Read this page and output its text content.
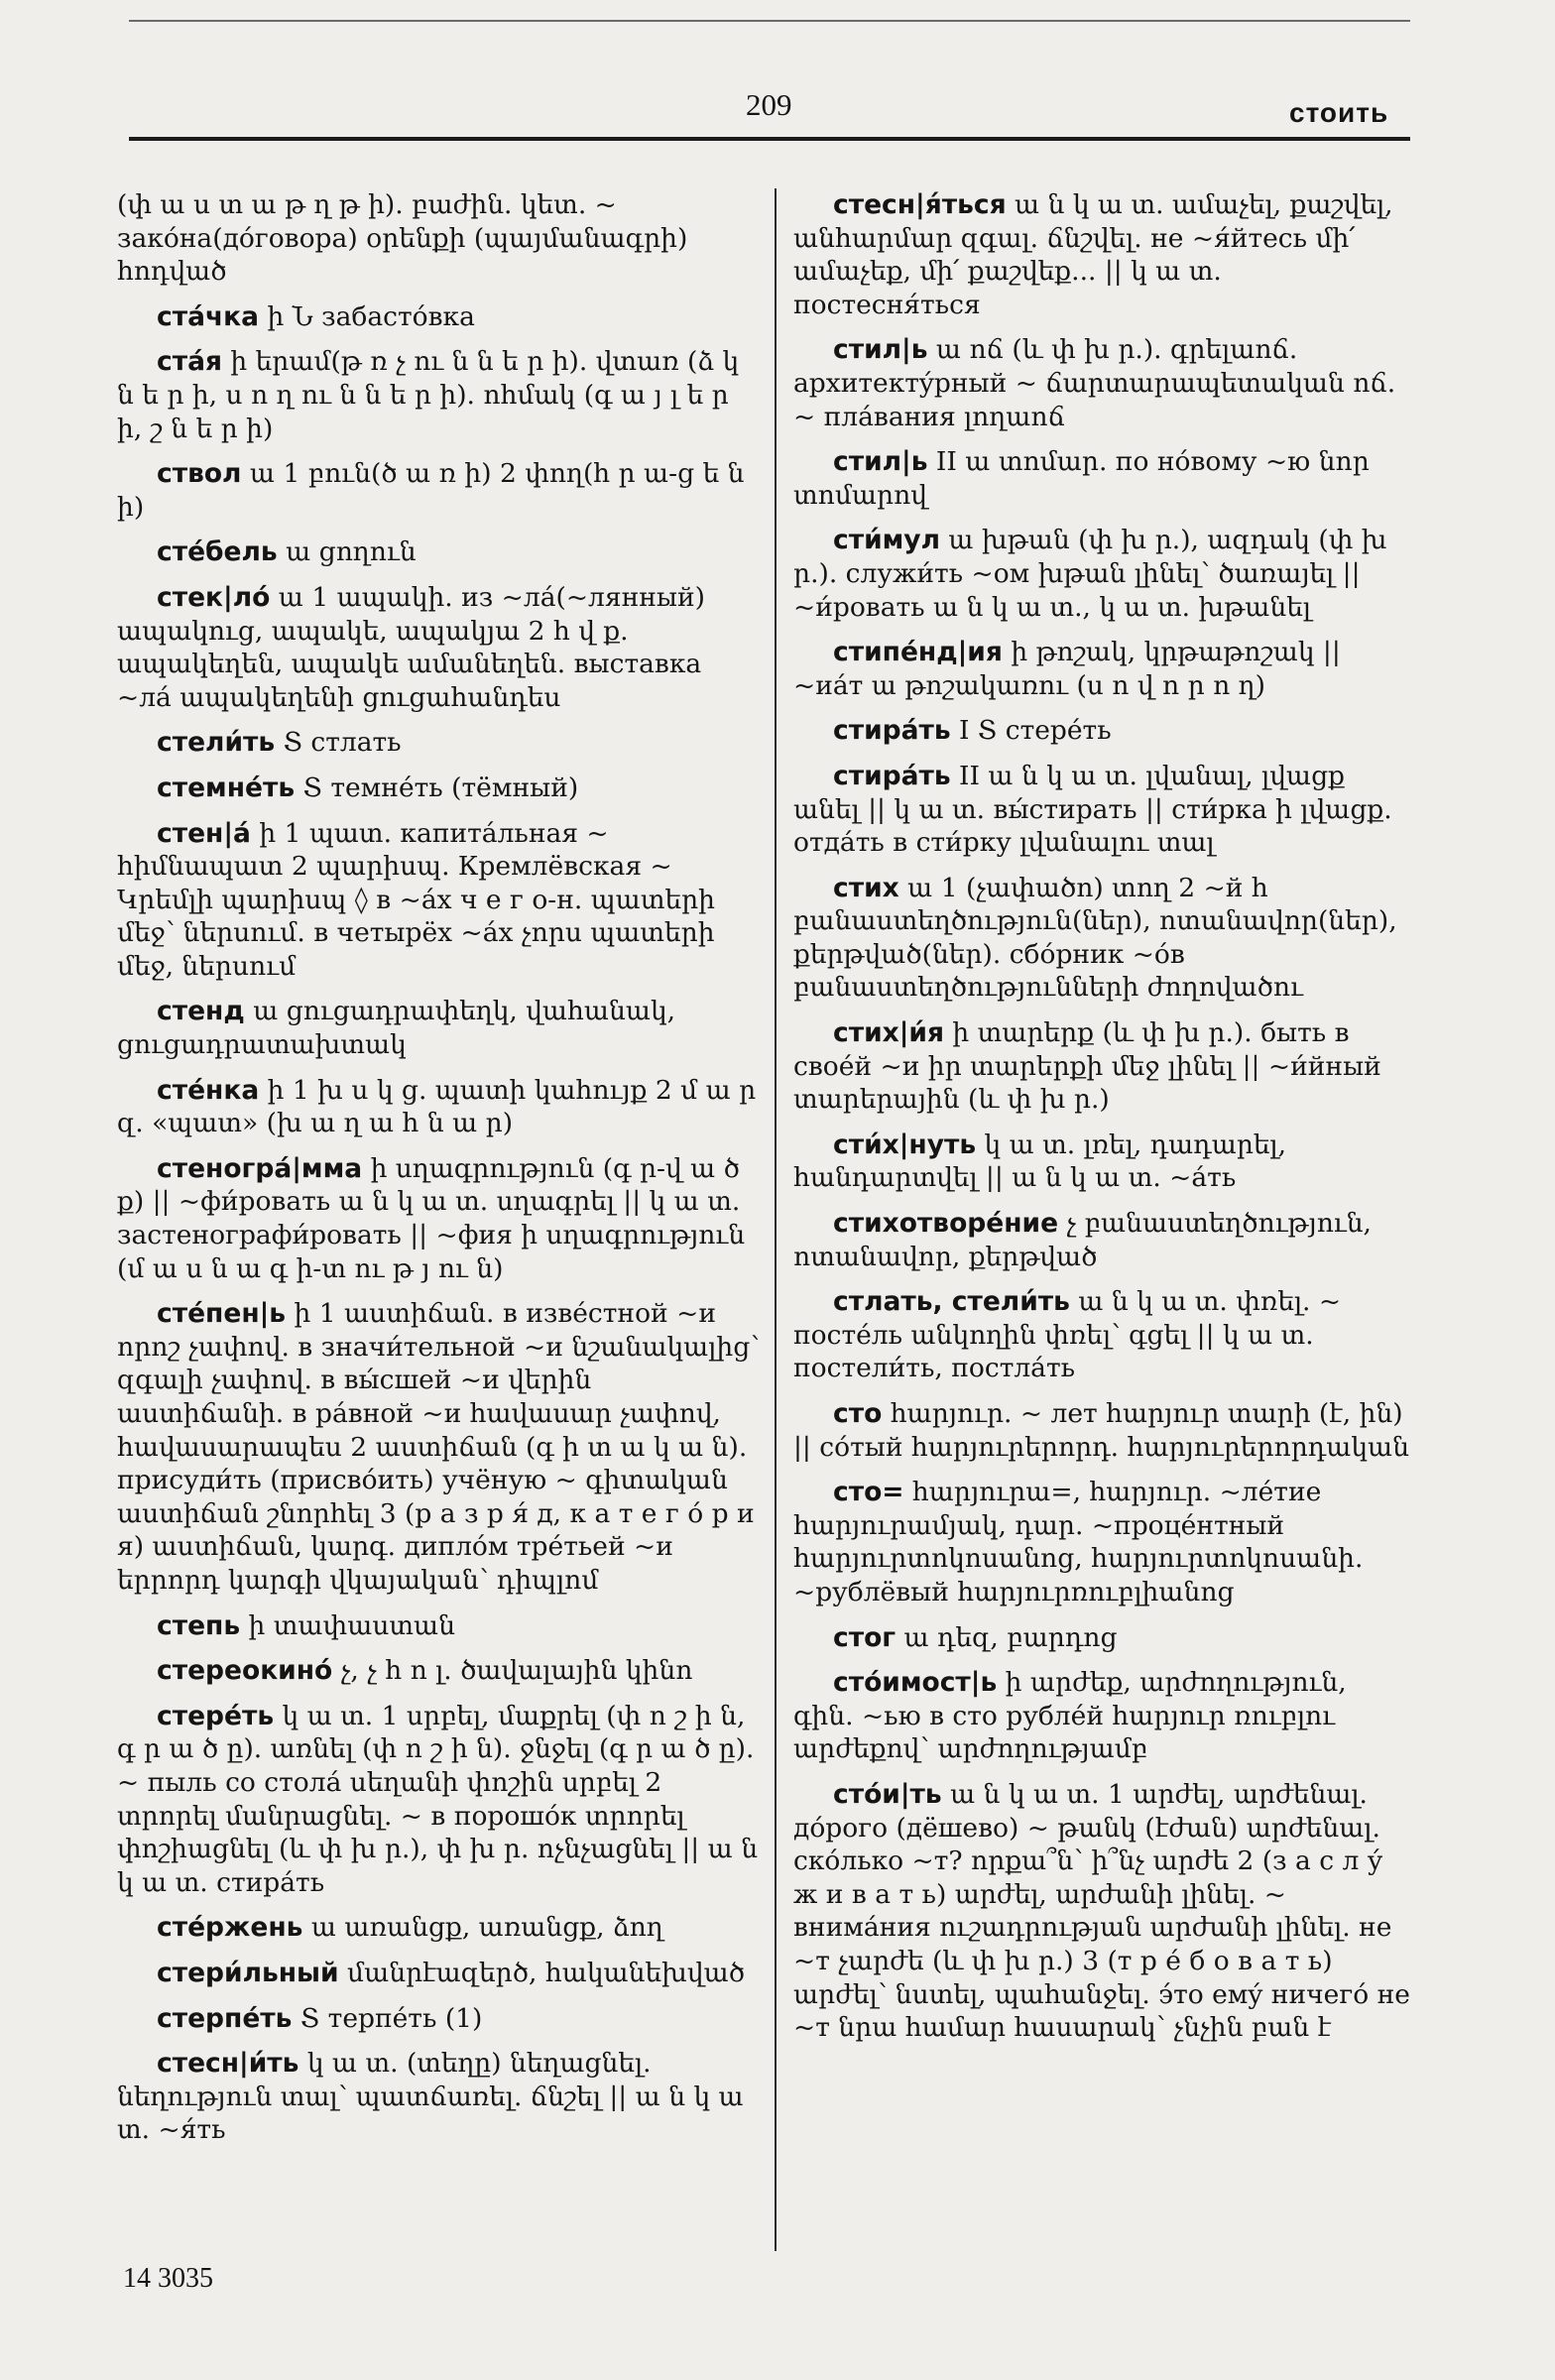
209	стоить

(փ ա ս տ ա թ ղ թ ի). բաժին. կետ. ~ закóна(дóговора) օրենքի (պայմանագրի) հոդված

стáчка ի Ն забастóвка

стáя ի երամ(թ ռ չ ու ն ն ե ր ի). վտառ (ձ կ ն ե ր ի, ս ո ղ ու ն ն ե ր ի). ոհմակ (գ ա յ լ ե ր ի, շ ն ե ր ի)

ствол ա 1 բուն(ծ ա ռ ի) 2 փող(հ ր ա-ց ե ն ի)

стéбель ա ցողուն

стек|лó ա 1 ապակի. из ~лá(~лянный) ապակուց, ապակե, ապակյա 2 հ վ ք. ապակեղեն, ապակե ամանեղեն. выставка ~лá ապակեղենի ցուցահանդես

стели́ть Տ стлать

стемнéть Տ темнéть (тёмный)

стен|á ի 1 պատ. капитáльная ~ հիմնապատ 2 պարիսպ. Кремлёвская ~ Կրեմլի պարիսպ ◊ в ~áх ч е г о-н. պատերի մեջ՝ ներսում. в четырёх ~áх չորս պատերի մեջ, ներսում

стенд ա ցուցադրափեղկ, վահանակ, ցուցադրատախտակ

стéнка ի 1 խ ս կ ց. պատի կահույք 2 մ ա ր զ. «պատ» (խ ա ղ ա հ ն ա ր)

стеногрá|мма ի սղագրություն (գ ր-վ ա ծ ք) || ~фи́ровать ա ն կ ա տ. սղագրել || կ ա տ. застенографи́ровать || ~фия ի սղագրություն (մ ա ս ն ա գ ի-տ ու թ յ ու ն)

стéпен|ь ի 1 աստիճան. в извéстной ~и որոշ չափով. в значи́тельной ~и նշանակալից՝ զգալի չափով. в вы́сшей ~и վերին աստիճանի. в рáвной ~и հավասար չափով, հավասարապես 2 աստիճան (գ ի տ ա կ ա ն). присуди́ть (присвóить) учёную ~ գիտական աստիճան շնորհել 3 (р а з р я́ д, к а т е г о́ р и я) աստիճան, կարգ. диплóм трéтьей ~и երրորդ կարգի վկայական՝ դիպլոմ

степь ի տափաստան

стереокинó չ, չ հ ո լ. ծավալային կինո

стерéть կ ա տ. 1 սրբել, մաքրել (փ ո շ ի ն, գ ր ա ծ ը). առնել (փ ո շ ի ն). ջնջել (գ ր ա ծ ը). ~ пыль со столá սեղանի փոշին սրբել 2 տրորել մանրացնել. ~ в порошóк տրորել փոշիացնել (և փ խ ր.), փ խ ր. ոչնչացնել || ա ն կ ա տ. стирáть

стéржень ա առանցք, առանցք, ձող

стери́льный մանրէազերծ, հականեխված

стерпéть Տ терпéть (1)

стесн|и́ть կ ա տ. (տեղը) նեղացնել. նեղություն տալ՝ պատճառել. ճնշել || ա ն կ ա տ. ~я́ть

стесн|я́ться ա ն կ ա տ. ամաչել, քաշվել, անհարմար զգալ. ճնշվել. не ~я́йтесь մի՛ ամաչեք, մի՛ քաշվեք... || կ ա տ. постесня́ться

стил|ь ա ոճ (և փ խ ր.). գրելաոճ. архитектýрный ~ ճարտարապետական ոճ. ~ плáвания լողաոճ

стил|ь II ա տոմար. по нóвому ~ю նոր տոմարով

сти́мул ա խթան (փ խ ր.), ազդակ (փ խ ր.). служи́ть ~ом խթան լինել՝ ծառայել || ~и́ровать ա ն կ ա տ., կ ա տ. խթանել

стипéнд|ия ի թոշակ, կրթաթոշակ || ~иáт ա թոշակառու (ս ո վ ո ր ո ղ)

стирáть I Տ стерéть

стирáть II ա ն կ ա տ. լվանալ, լվացք անել || կ ա տ. вы́стирать || сти́рка ի լվացք. отдáть в сти́рку լվանալու տալ

стих ա 1 (չափածո) տող 2 ~й հ բանաստեղծություն(ներ), ոտանավոր(ներ), քերթված(ներ). сбóрник ~óв բանաստեղծությունների ժողովածու

стих|и́я ի տարերք (և փ խ ր.). быть в своéй ~и իր տարերքի մեջ լինել || ~и́йный տարերային (և փ խ ր.)

сти́х|нуть կ ա տ. լռել, դադարել, հանդարտվել || ա ն կ ա տ. ~áть

стихотворéние չ բանաստեղծություն, ոտանավոր, քերթված

стлать, стели́ть ա ն կ ա տ. փռել. ~ постéль անկողին փռել՝ գցել || կ ա տ. постели́ть, постлáть

сто հարյուր. ~ лет հարյուր տարի (է, ին) || сóтый հարյուրերորդ. հարյուրերորդական

сто= հարյուրա=, հարյուր. ~лéтие հարյուրամյակ, դար. ~процéнтный հարյուրտոկոսանոց, հարյուրտոկոսանի. ~рублёвый հարյուրռուբլիանոց

стог ա դեզ, բարդոց

стóимост|ь ի արժեք, արժողություն, գին. ~ью в сто рублéй հարյուր ռուբլու արժեքով՝ արժողությամբ

стóи|ть ա ն կ ա տ. 1 արժել, արժենալ. дóрого (дёшево) ~ թանկ (էժան) արժենալ. скóлько ~т? որքա՞ն՝ ի՞նչ արժե 2 (з а с л у́ ж и в а т ь) արժել, արժանի լինել. ~ внимáния ուշադրության արժանի լինել. не ~т չարժե (և փ խ ր.) 3 (т р é б о в а т ь) արժել՝ նստել, պահանջել. э́то емý ничегó не ~т նրա համար հասարակ՝ չնչին բան է

14 3035
